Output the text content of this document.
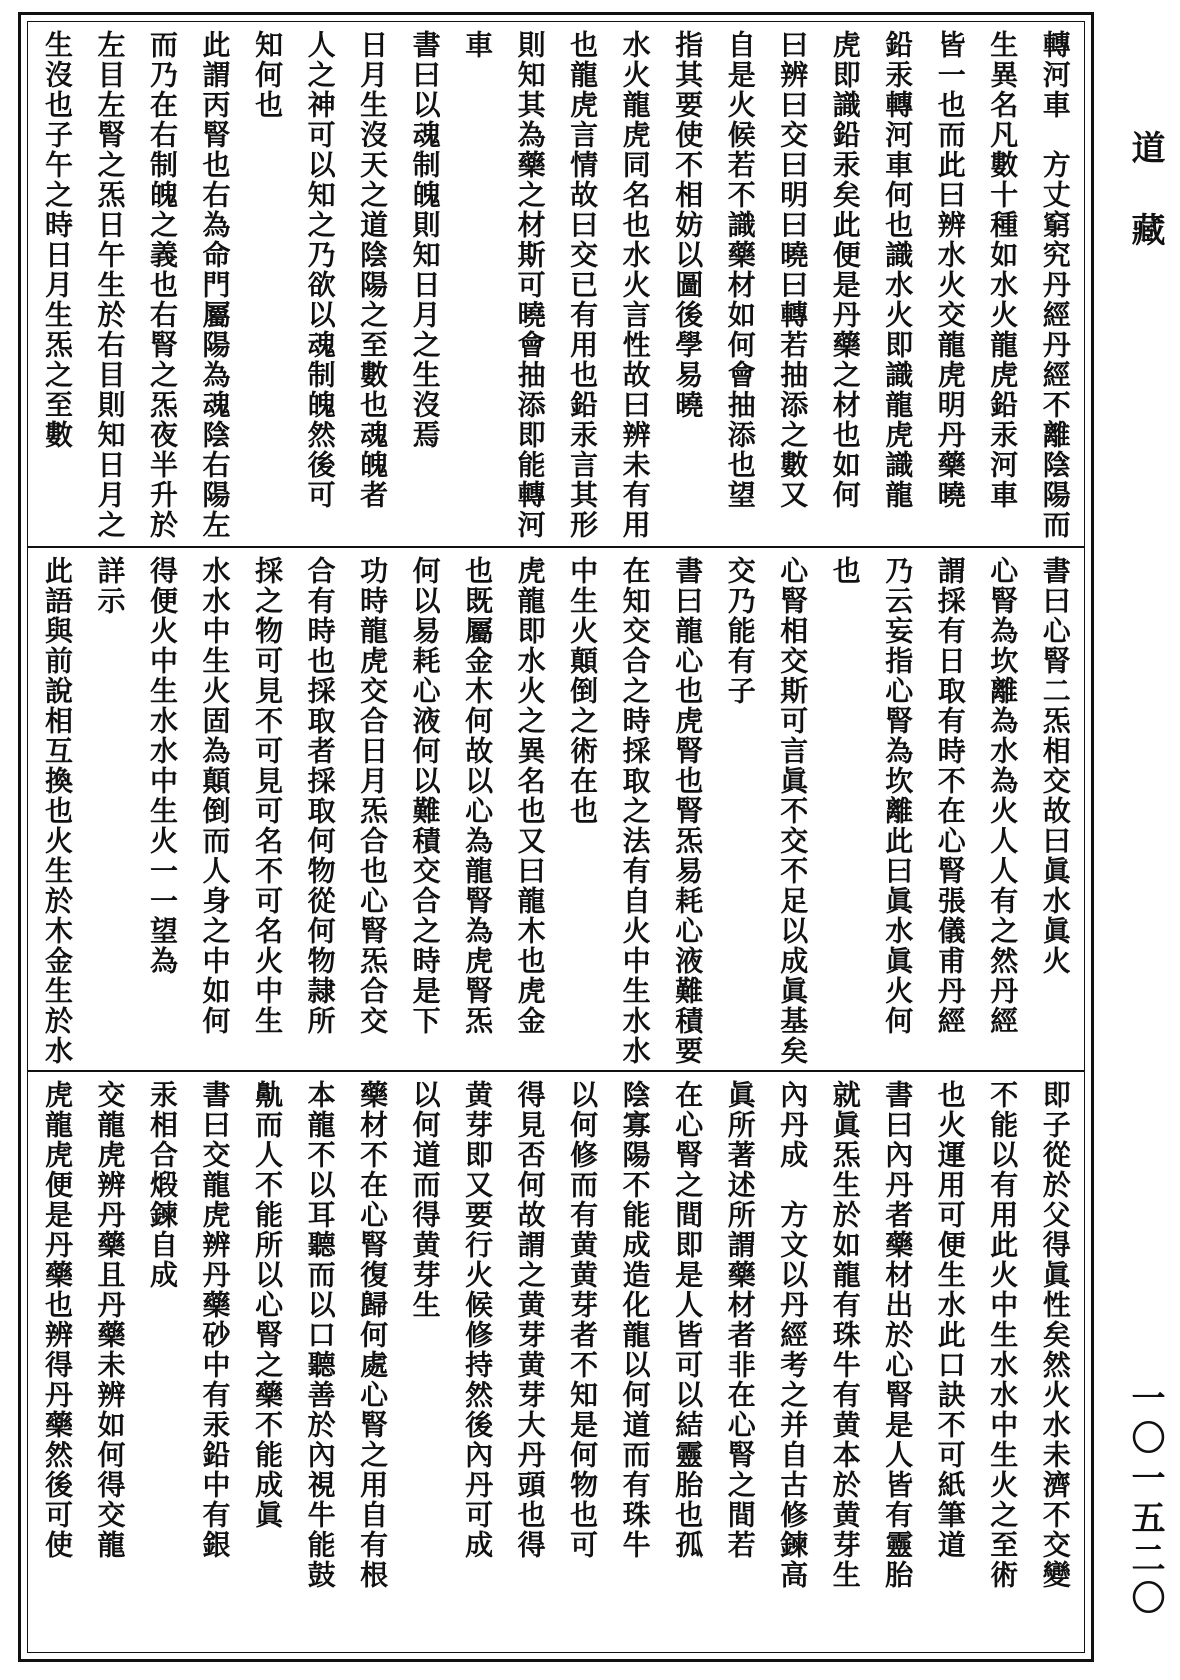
轉河車　方丈窮究丹經丹經不離陰陽而
生異名凡數十種如水火龍虎鉛汞河車
皆一也而此曰辨水火交龍虎明丹藥曉
鉛汞轉河車何也識水火即識龍虎識龍
虎即識鉛汞矣此便是丹藥之材也如何
曰辨曰交曰明曰曉曰轉若抽添之數又
自是火候若不識藥材如何會抽添也望
指其要使不相妨以圖後學易曉
水火龍虎同名也水火言性故曰辨未有用
也龍虎言情故曰交已有用也鉛汞言其形
則知其為藥之材斯可曉會抽添即能轉河
車
書曰以魂制魄則知日月之生沒焉
日月生沒天之道陰陽之至數也魂魄者
人之神可以知之乃欲以魂制魄然後可
知何也
此謂丙腎也右為命門屬陽為魂陰右陽左
而乃在右制魄之義也右腎之炁夜半升於
左目左腎之炁日午生於右目則知日月之
生沒也子午之時日月生炁之至數
書曰心腎二炁相交故曰眞水眞火
心腎為坎離為水為火人人有之然丹經
謂採有日取有時不在心腎張儀甫丹經
乃云妄指心腎為坎離此曰眞水眞火何
也
心腎相交斯可言眞不交不足以成眞基矣
交乃能有子
書曰龍心也虎腎也腎炁易耗心液難積要
在知交合之時採取之法有自火中生水水
中生火顛倒之術在也
虎龍即水火之異名也又曰龍木也虎金
也既屬金木何故以心為龍腎為虎腎炁
何以易耗心液何以難積交合之時是下
功時龍虎交合日月炁合也心腎炁合交
合有時也採取者採取何物從何物隷所
採之物可見不可見可名不可名火中生
水水中生火固為顛倒而人身之中如何
得便火中生水水中生火一一望為
詳示
此語與前說相互換也火生於木金生於水
即子從於父得眞性矣然火水未濟不交變
不能以有用此火中生水水中生火之至術
也火運用可便生水此口訣不可紙筆道
書曰內丹者藥材出於心腎是人皆有靈胎
就眞炁生於如龍有珠牛有黄本於黄芽生
內丹成　方文以丹經考之并自古修鍊高
眞所著述所謂藥材者非在心腎之間若
在心腎之間即是人皆可以結靈胎也孤
陰寡陽不能成造化龍以何道而有珠牛
以何修而有黄黄芽者不知是何物也可
得見否何故謂之黄芽黄芽大丹頭也得
黄芽即又要行火候修持然後內丹可成
以何道而得黄芽生
藥材不在心腎復歸何處心腎之用自有根
本龍不以耳聽而以口聽善於內視牛能鼓
鼽而人不能所以心腎之藥不能成眞
書曰交龍虎辨丹藥砂中有汞鉛中有銀
汞相合煅鍊自成
交龍虎辨丹藥且丹藥未辨如何得交龍
虎龍虎便是丹藥也辨得丹藥然後可使
道 藏
一〇一五二〇
